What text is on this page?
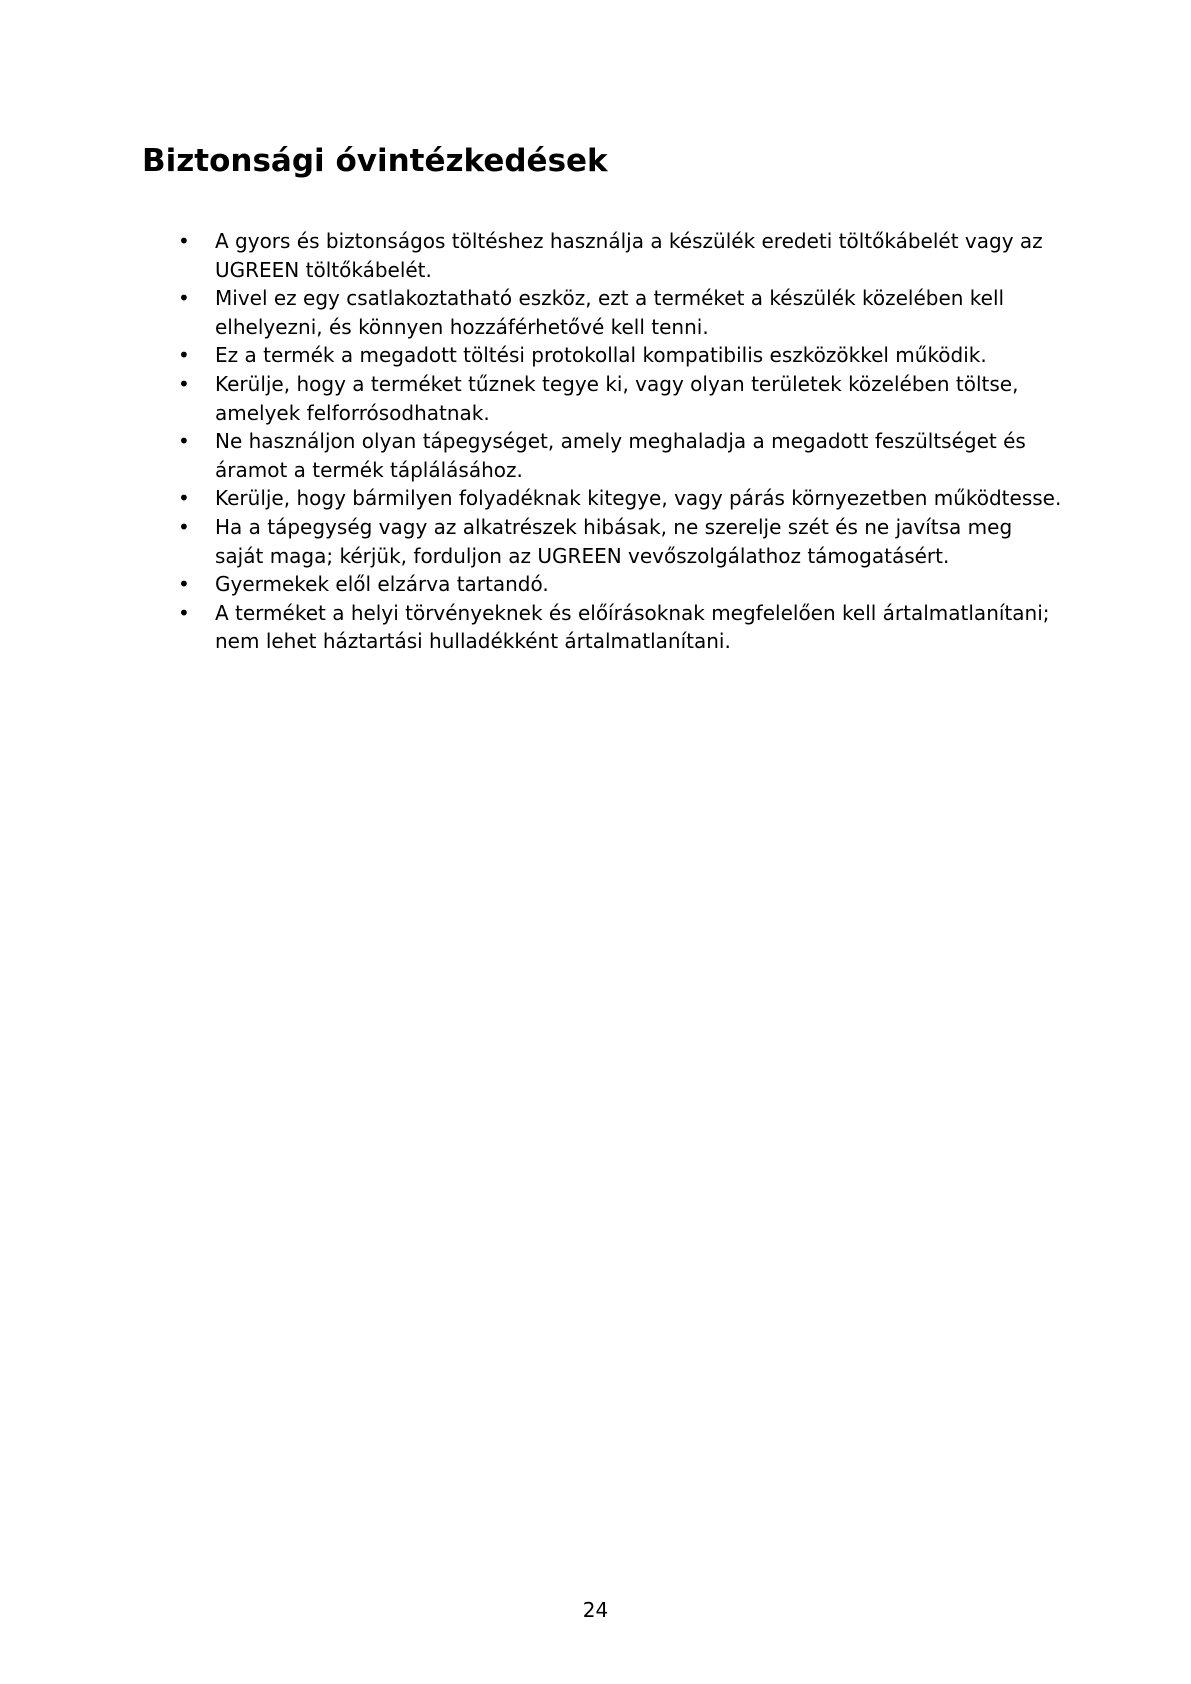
Biztonsági óvintézkedések
• A gyors és biztonságos töltéshez használja a készülék eredeti töltőkábelét vagy az UGREEN töltőkábelét.
• Mivel ez egy csatlakoztatható eszköz, ezt a terméket a készülék közelében kell elhelyezni, és könnyen hozzáférhetővé kell tenni.
• Ez a termék a megadott töltési protokollal kompatibilis eszközökkel működik.
• Kerülje, hogy a terméket tűznek tegye ki, vagy olyan területek közelében töltse, amelyek felforrósodhatnak.
• Ne használjon olyan tápegységet, amely meghaladja a megadott feszültséget és áramot a termék táplálásához.
• Kerülje, hogy bármilyen folyadéknak kitegye, vagy párás környezetben működtesse.
• Ha a tápegység vagy az alkatrészek hibásak, ne szerelje szét és ne javítsa meg saját maga; kérjük, forduljon az UGREEN vevőszolgálathoz támogatásért.
• Gyermekek elől elzárva tartandó.
• A terméket a helyi törvényeknek és előírásoknak megfelelően kell ártalmatlanítani; nem lehet háztartási hulladékként ártalmatlanítani.
24
